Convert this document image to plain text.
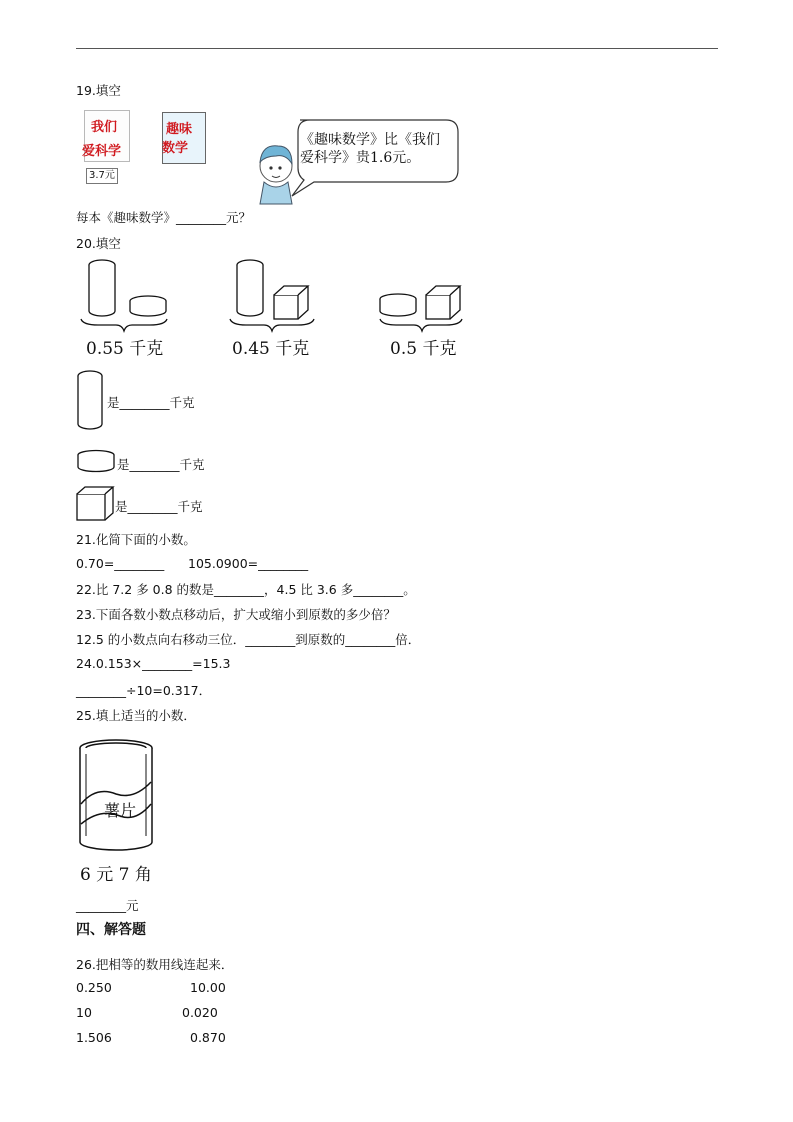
19.填空
我们
爱科学
3.7元
趣味
数学
《趣味数学》比《我们
爱科学》贵1.6元。
每本《趣味数学》________元？
20.填空
0.55 千克	0.45 千克	0.5 千克
是________千克
是________千克
是________千克
21.化简下面的小数。
0.70=________ 105.0900=________
22.比 7.2 多 0.8 的数是________，4.5 比 3.6 多________。
23.下面各数小数点移动后，扩大或缩小到原数的多少倍？
12.5 的小数点向右移动三位．________到原数的________倍．
24.0.153×________=15.3
________÷10=0.317．
25.填上适当的小数．
薯片
6 元 7 角
________元
四、解答题
26.把相等的数用线连起来．
0.250	10.00
10	0.020
1.506	0.870
